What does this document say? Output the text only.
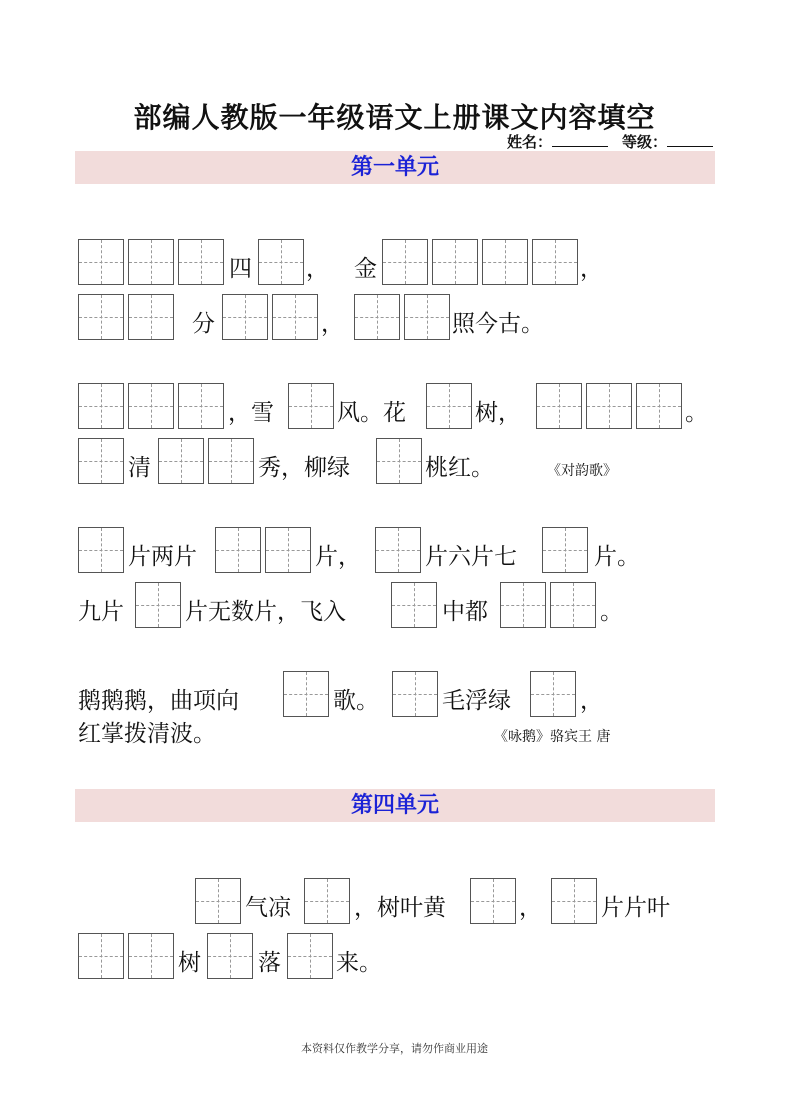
部编人教版一年级语文上册课文内容填空
姓名：	等级：
第一单元
四 ， 金	，
分	，	照今古。
，雪	风。花	树，	。
清	秀，柳绿	桃红。	《对韵歌》
片两片	片，	片六片七	片。
九片	片无数片，飞入	中都	。
鹅鹅鹅，曲项向	歌。	毛浮绿	，
红掌拨清波。	《咏鹅》骆宾王 唐
第四单元
气凉	，树叶黄	，	片片叶
树 落 来。
本资料仅作教学分享，请勿作商业用途
